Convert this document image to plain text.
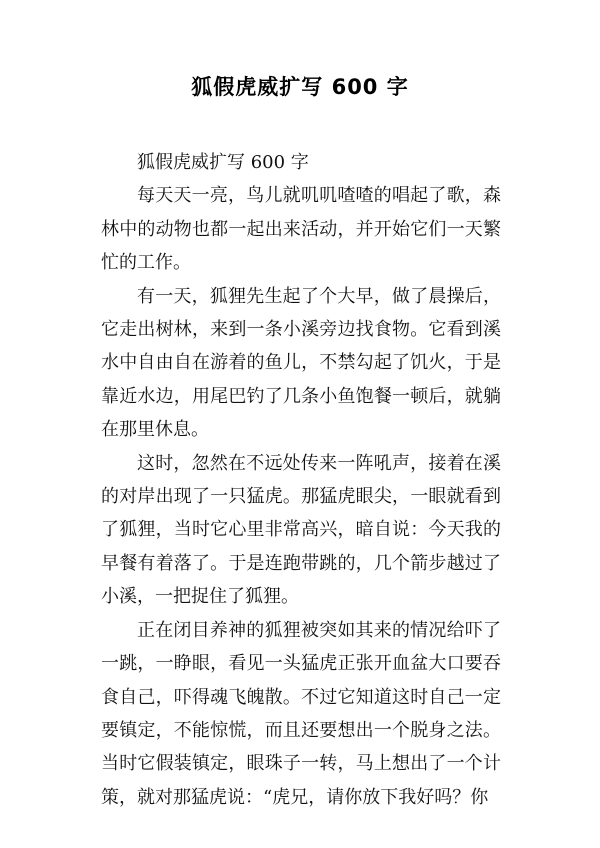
狐假虎威扩写 600 字

狐假虎威扩写 600 字

每天天一亮，鸟儿就叽叽喳喳的唱起了歌，森林中的动物也都一起出来活动，并开始它们一天繁忙的工作。

有一天，狐狸先生起了个大早，做了晨操后，它走出树林，来到一条小溪旁边找食物。它看到溪水中自由自在游着的鱼儿，不禁勾起了饥火，于是靠近水边，用尾巴钓了几条小鱼饱餐一顿后，就躺在那里休息。

这时，忽然在不远处传来一阵吼声，接着在溪的对岸出现了一只猛虎。那猛虎眼尖，一眼就看到了狐狸，当时它心里非常高兴，暗自说：今天我的早餐有着落了。于是连跑带跳的，几个箭步越过了小溪，一把捉住了狐狸。

正在闭目养神的狐狸被突如其来的情况给吓了一跳，一睁眼，看见一头猛虎正张开血盆大口要吞食自己，吓得魂飞魄散。不过它知道这时自己一定要镇定，不能惊慌，而且还要想出一个脱身之法。当时它假装镇定，眼珠子一转，马上想出了一个计策，就对那猛虎说：“虎兄，请你放下我好吗？你
